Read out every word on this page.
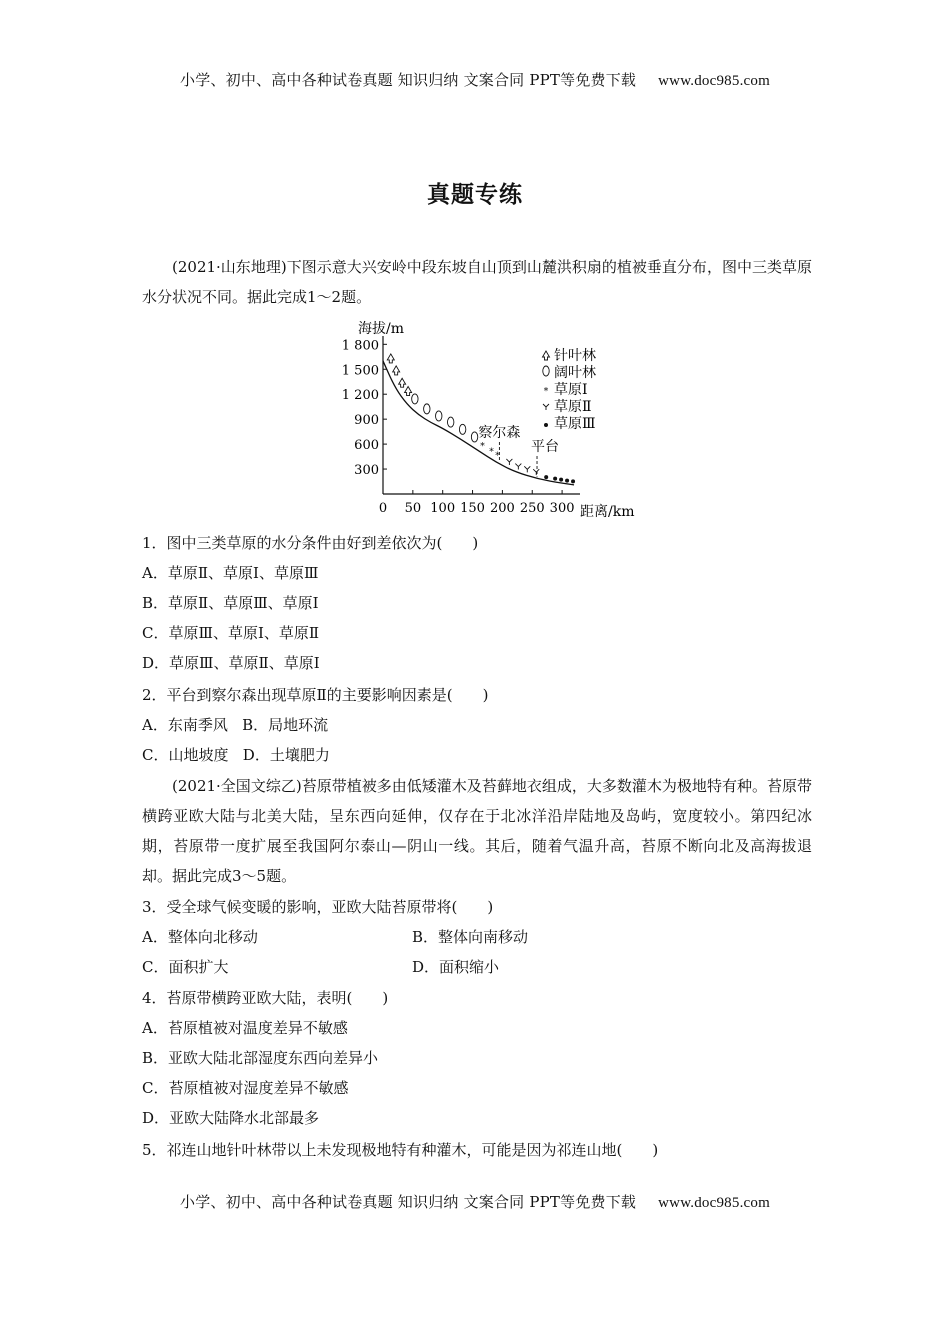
小学、初中、高中各种试卷真题 知识归纳 文案合同 PPT等免费下载 www.doc985.com
真题专练
(2021·山东地理)下图示意大兴安岭中段东坡自山顶到山麓洪积扇的植被垂直分布，图中三类草原水分状况不同。据此完成1～2题。
海拔/m
距离/km
1 800
1 500
1 200
900
600
300
0 50 100 150 200 250 300
*
* *
察尔森
平台
针叶林
阔叶林
* 草原Ⅰ
草原Ⅱ
草原Ⅲ
1．图中三类草原的水分条件由好到差依次为(　　)
A．草原Ⅱ、草原Ⅰ、草原Ⅲ
B．草原Ⅱ、草原Ⅲ、草原Ⅰ
C．草原Ⅲ、草原Ⅰ、草原Ⅱ
D．草原Ⅲ、草原Ⅱ、草原Ⅰ
2．平台到察尔森出现草原Ⅱ的主要影响因素是(　　)
A．东南季风 B．局地环流
C．山地坡度 D．土壤肥力
(2021·全国文综乙)苔原带植被多由低矮灌木及苔藓地衣组成，大多数灌木为极地特有种。苔原带横跨亚欧大陆与北美大陆，呈东西向延伸，仅存在于北冰洋沿岸陆地及岛屿，宽度较小。第四纪冰期，苔原带一度扩展至我国阿尔泰山—阴山一线。其后，随着气温升高，苔原不断向北及高海拔退却。据此完成3～5题。
3．受全球气候变暖的影响，亚欧大陆苔原带将(　　)
A．整体向北移动	B．整体向南移动
C．面积扩大	D．面积缩小
4．苔原带横跨亚欧大陆，表明(　　)
A．苔原植被对温度差异不敏感
B．亚欧大陆北部湿度东西向差异小
C．苔原植被对湿度差异不敏感
D．亚欧大陆降水北部最多
5．祁连山地针叶林带以上未发现极地特有种灌木，可能是因为祁连山地(　　)
小学、初中、高中各种试卷真题 知识归纳 文案合同 PPT等免费下载 www.doc985.com
